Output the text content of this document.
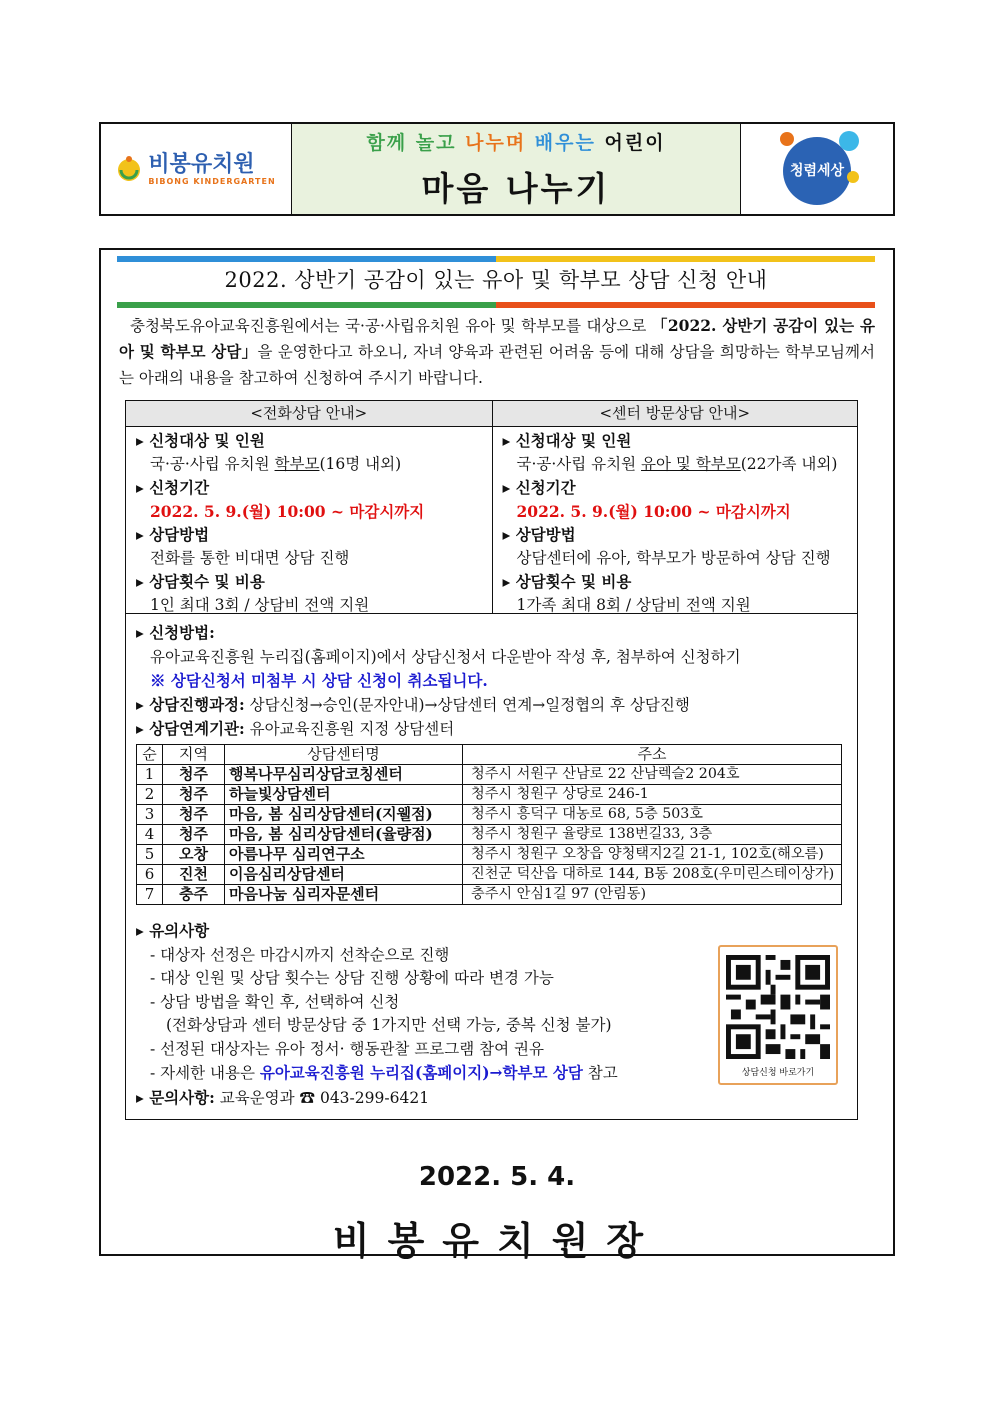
비봉유치원
BIBONG KINDERGARTEN
함께 놀고 나누며 배우는 어린이
마음 나누기	청렴세상
2022. 상반기 공감이 있는 유아 및 학부모 상담 신청 안내
충청북도유아교육진흥원에서는 국·공·사립유치원 유아 및 학부모를 대상으로 「2022. 상반기 공감이 있는 유아 및 학부모 상담」을 운영한다고 하오니, 자녀 양육과 관련된 어려움 등에 대해 상담을 희망하는 학부모님께서는 아래의 내용을 참고하여 신청하여 주시기 바랍니다.
<전화상담 안내>
▸ 신청대상 및 인원
국·공·사립 유치원 학부모(16명 내외)
▸ 신청기간
2022. 5. 9.(월) 10:00 ~ 마감시까지
▸ 상담방법
전화를 통한 비대면 상담 진행
▸ 상담횟수 및 비용
1인 최대 3회 / 상담비 전액 지원
<센터 방문상담 안내>
▸ 신청대상 및 인원
국·공·사립 유치원 유아 및 학부모(22가족 내외)
▸ 신청기간
2022. 5. 9.(월) 10:00 ~ 마감시까지
▸ 상담방법
상담센터에 유아, 학부모가 방문하여 상담 진행
▸ 상담횟수 및 비용
1가족 최대 8회 / 상담비 전액 지원
▸ 신청방법:
유아교육진흥원 누리집(홈페이지)에서 상담신청서 다운받아 작성 후, 첨부하여 신청하기
※ 상담신청서 미첨부 시 상담 신청이 취소됩니다.
▸ 상담진행과정: 상담신청→승인(문자안내)→상담센터 연계→일정협의 후 상담진행
▸ 상담연계기관: 유아교육진흥원 지정 상담센터
순	지역	상담센터명	주소
1	청주	행복나무심리상담코칭센터	청주시 서원구 산남로 22 산남렉슬2 204호
2	청주	하늘빛상담센터	청주시 청원구 상당로 246-1
3	청주	마음, 봄 심리상담센터(지웰점)	청주시 흥덕구 대농로 68, 5층 503호
4	청주	마음, 봄 심리상담센터(율량점)	청주시 청원구 율량로 138번길33, 3층
5	오창	아름나무 심리연구소	청주시 청원구 오창읍 양청택지2길 21-1, 102호(해오름)
6	진천	이음심리상담센터	진천군 덕산읍 대하로 144, B동 208호(우미린스테이상가)
7	충주	마음나눔 심리자문센터	충주시 안심1길 97 (안림동)
▸ 유의사항
- 대상자 선정은 마감시까지 선착순으로 진행
- 대상 인원 및 상담 횟수는 상담 진행 상황에 따라 변경 가능
- 상담 방법을 확인 후, 선택하여 신청
(전화상담과 센터 방문상담 중 1가지만 선택 가능, 중복 신청 불가)
- 선정된 대상자는 유아 정서· 행동관찰 프로그램 참여 권유
- 자세한 내용은 유아교육진흥원 누리집(홈페이지)→학부모 상담 참고
▸ 문의사항: 교육운영과 ☎ 043-299-6421
상담신청 바로가기
2022. 5. 4.
비봉유치원장
